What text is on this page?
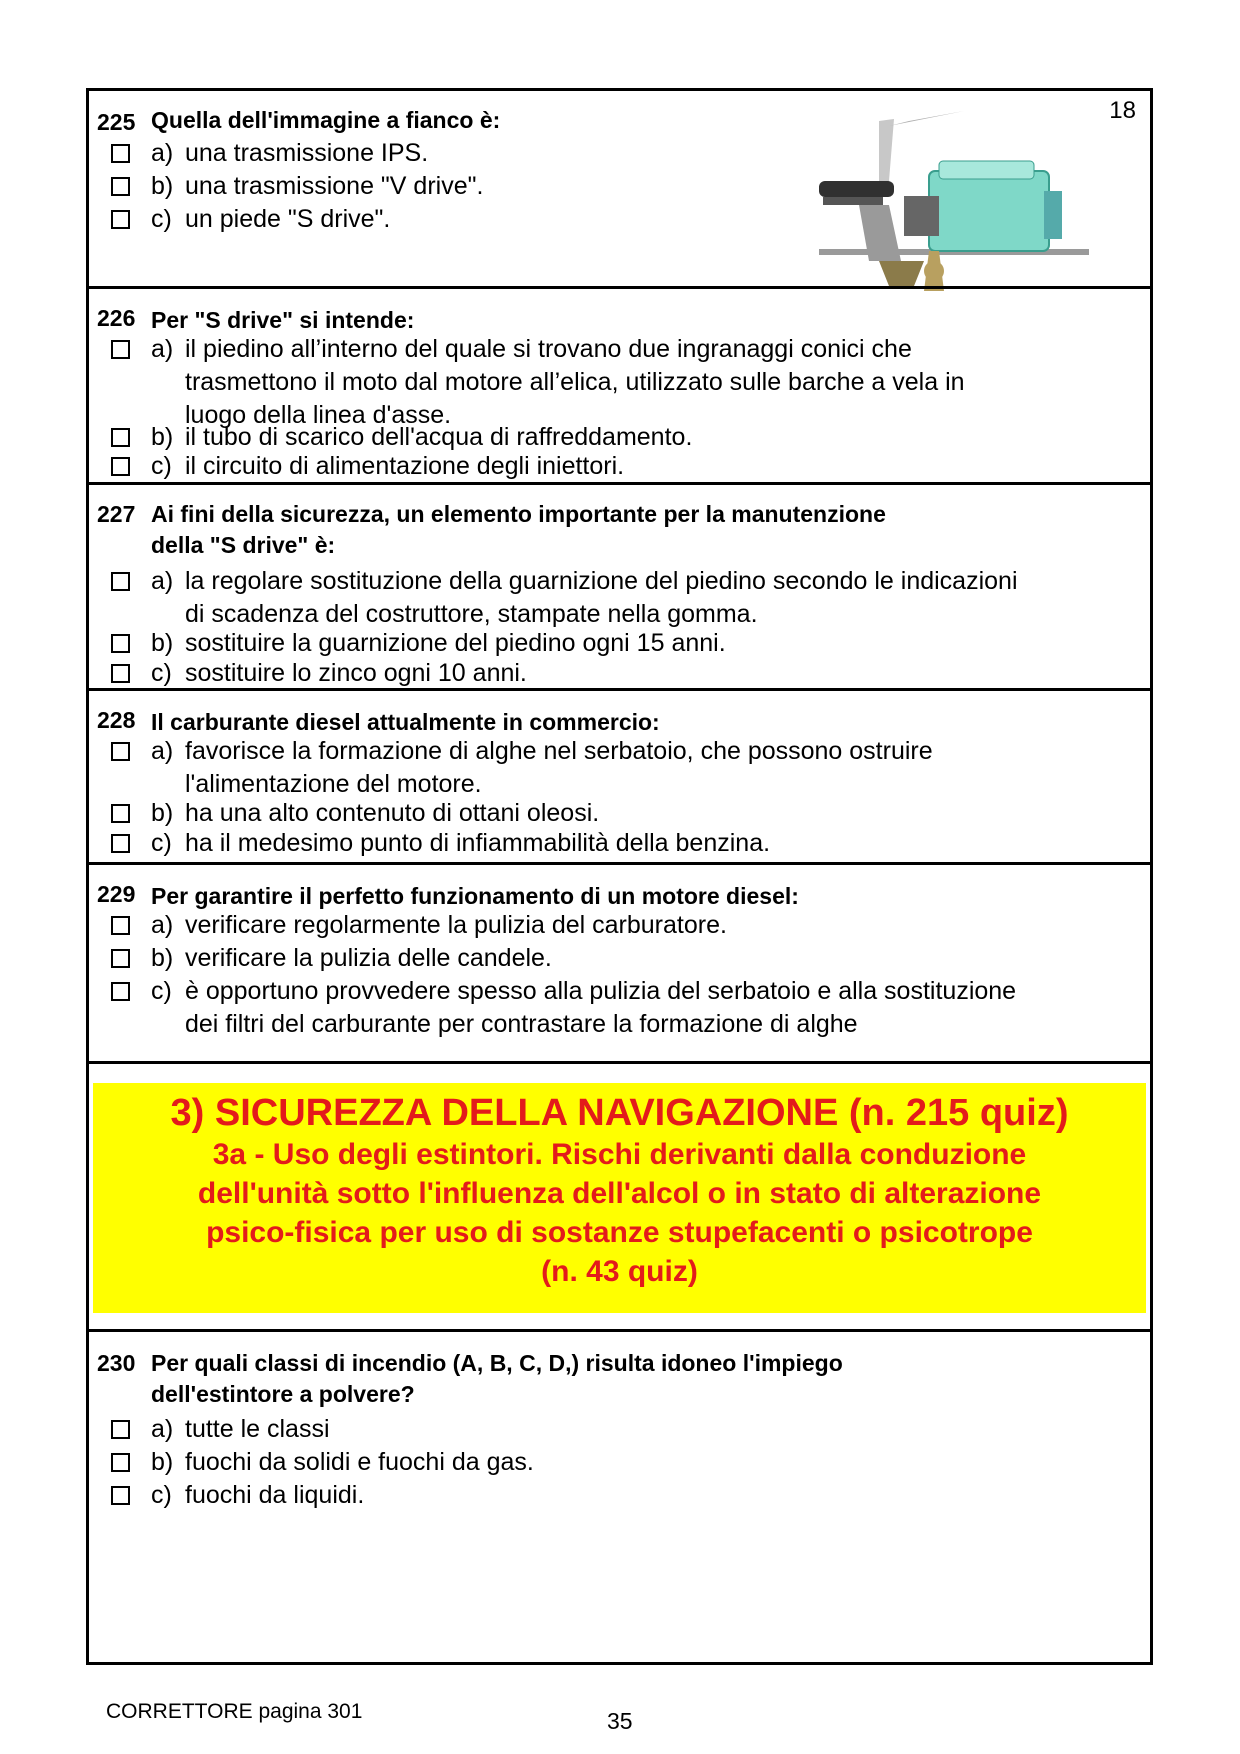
18
225 Quella dell'immagine a fianco è:
a) una trasmissione IPS.
b) una trasmissione "V drive".
c) un piede "S drive".
226 Per "S drive" si intende:
a) il piedino all’interno del quale si trovano due ingranaggi conici che
trasmettono il moto dal motore all’elica, utilizzato sulle barche a vela in
luogo della linea d'asse.
b) il tubo di scarico dell'acqua di raffreddamento.
c) il circuito di alimentazione degli iniettori.
227 Ai fini della sicurezza, un elemento importante per la manutenzione
della "S drive" è:
a) la regolare sostituzione della guarnizione del piedino secondo le indicazioni
di scadenza del costruttore, stampate nella gomma.
b) sostituire la guarnizione del piedino ogni 15 anni.
c) sostituire lo zinco ogni 10 anni.
228 Il carburante diesel attualmente in commercio:
a) favorisce la formazione di alghe nel serbatoio, che possono ostruire
l'alimentazione del motore.
b) ha una alto contenuto di ottani oleosi.
c) ha il medesimo punto di infiammabilità della benzina.
229 Per garantire il perfetto funzionamento di un motore diesel:
a) verificare regolarmente la pulizia del carburatore.
b) verificare la pulizia delle candele.
c) è opportuno provvedere spesso alla pulizia del serbatoio e alla sostituzione
dei filtri del carburante per contrastare la formazione di alghe
3) SICUREZZA DELLA NAVIGAZIONE (n. 215 quiz)
3a - Uso degli estintori. Rischi derivanti dalla conduzione
dell'unità sotto l'influenza dell'alcol o in stato di alterazione
psico-fisica per uso di sostanze stupefacenti o psicotrope
(n. 43 quiz)
230 Per quali classi di incendio (A, B, C, D,) risulta idoneo l'impiego
dell'estintore a polvere?
a) tutte le classi
b) fuochi da solidi e fuochi da gas.
c) fuochi da liquidi.
CORRETTORE pagina 301	35
